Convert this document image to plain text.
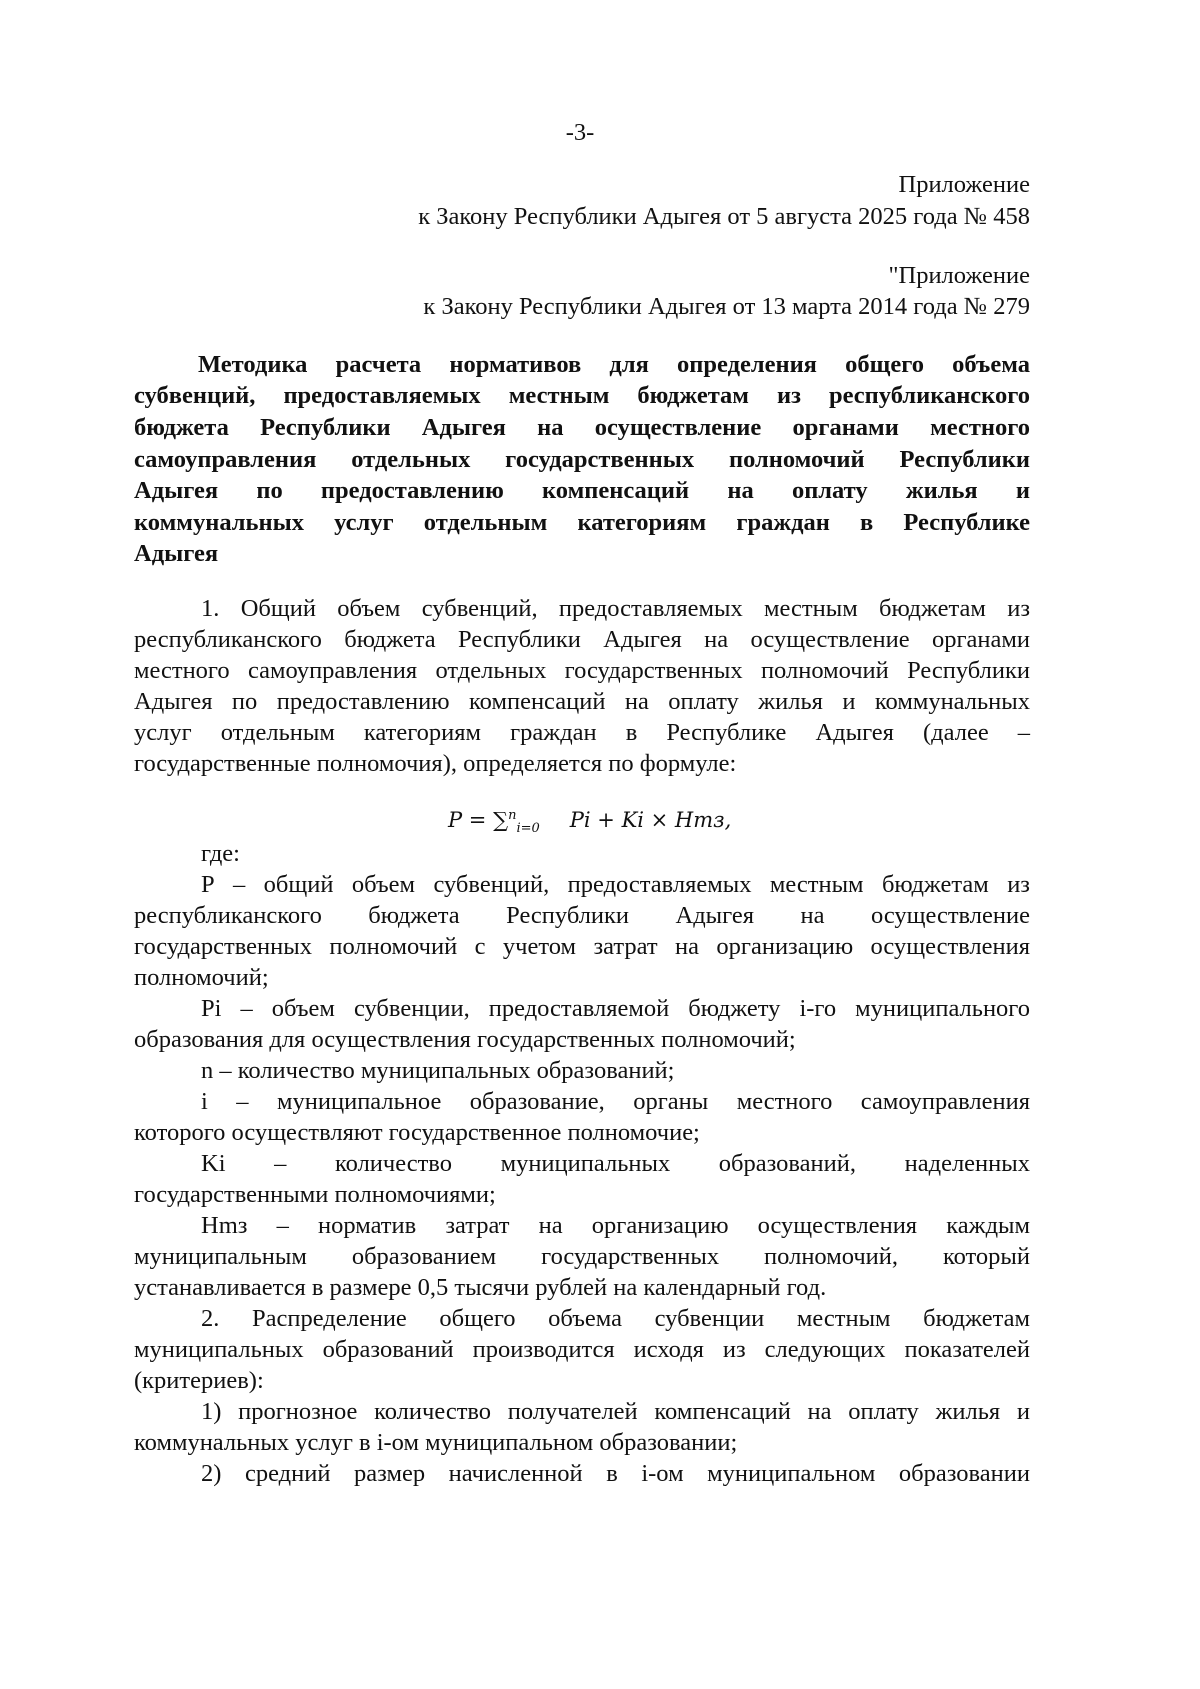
-3-

Приложение

к Закону Республики Адыгея от 5 августа 2025 года № 458

"Приложение

к Закону Республики Адыгея от 13 марта 2014 года № 279

Методика расчета нормативов для определения общего объема

субвенций, предоставляемых местным бюджетам из республиканского

бюджета Республики Адыгея на осуществление органами местного

самоуправления отдельных государственных полномочий Республики

Адыгея по предоставлению компенсаций на оплату жилья и

коммунальных услуг отдельным категориям граждан в Республике

Адыгея

1. Общий объем субвенций, предоставляемых местным бюджетам из

республиканского бюджета Республики Адыгея на осуществление органами

местного самоуправления отдельных государственных полномочий Республики

Адыгея по предоставлению компенсаций на оплату жилья и коммунальных

услуг отдельным категориям граждан в Республике Адыгея (далее –

государственные полномочия), определяется по формуле:

P = ∑$^n_{i=0}$ Pi + Ki × Hmз,

где:

Р – общий объем субвенций, предоставляемых местным бюджетам из

республиканского бюджета Республики Адыгея на осуществление

государственных полномочий с учетом затрат на организацию осуществления

полномочий;

Pi – объем субвенции, предоставляемой бюджету i-го муниципального

образования для осуществления государственных полномочий;

n – количество муниципальных образований;

i – муниципальное образование, органы местного самоуправления

которого осуществляют государственное полномочие;

Ki – количество муниципальных образований, наделенных

государственными полномочиями;

Hmз – норматив затрат на организацию осуществления каждым

муниципальным образованием государственных полномочий, который

устанавливается в размере 0,5 тысячи рублей на календарный год.

2. Распределение общего объема субвенции местным бюджетам

муниципальных образований производится исходя из следующих показателей

(критериев):

1) прогнозное количество получателей компенсаций на оплату жилья и

коммунальных услуг в i-ом муниципальном образовании;

2) средний размер начисленной в i-ом муниципальном образовании
